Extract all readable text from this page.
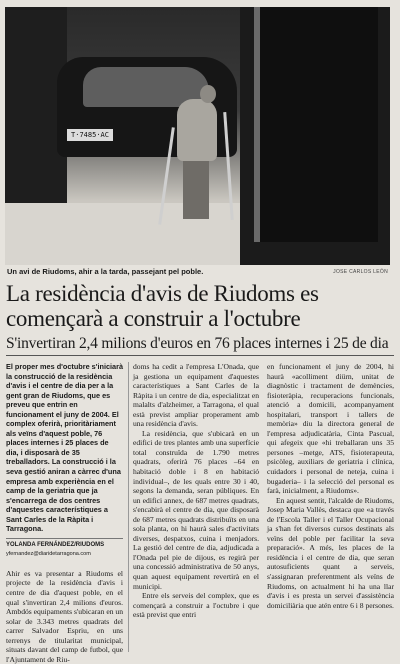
T·7485·AC
Un avi de Riudoms, ahir a la tarda, passejant pel poble.	JOSE CARLOS LEÓN
La residència d'avis de Riudoms es començarà a construir a l'octubre
S'invertiran 2,4 milions d'euros en 76 places internes i 25 de dia

El proper mes d'octubre s'iniciarà la construcció de la residència d'avis i el centre de dia per a la gent gran de Riudoms, que es preveu que entrin en funcionament el juny de 2004. El complex oferirà, prioritàriament als veïns d'aquest poble, 76 places internes i 25 places de dia, i disposarà de 35 treballadors. La construcció i la seva gestió aniran a càrrec d'una empresa amb experiència en el camp de la geriatria que ja s'encarrega de dos centres d'aquestes característiques a Sant Carles de la Ràpita i Tarragona.

YOLANDA FERNÁNDEZ/RIUDOMS
yfernandez@diaridetarragona.com

Ahir es va presentar a Riudoms el projecte de la residència d'avis i centre de dia d'aquest poble, en el qual s'invertiran 2,4 milions d'euros. Ambdós equipaments s'ubicaran en un solar de 3.343 metres quadrats del carrer Salvador Espriu, en uns terrenys de titularitat municipal, situats davant del camp de futbol, que l'Ajuntament de Riu-

doms ha cedit a l'empresa L'Onada, que ja gestiona un equipament d'aquestes característiques a Sant Carles de la Ràpita i un centre de dia, especialitzat en malalts d'alzheimer, a Tarragona, el qual està previst ampliar properament amb una residència d'avis.

La residència, que s'ubicarà en un edifici de tres plantes amb una superfície total construïda de 1.790 metres quadrats, oferirà 76 places –64 en habitació doble i 8 en habitació individual–, de les quals entre 30 i 40, segons la demanda, seran públiques. En un edifici annex, de 687 metres quadrats, s'encabirà el centre de dia, que disposarà de 687 metres quadrats distribuïts en una sola planta, on hi haurà sales d'activitats diverses, despatxos, cuina i menjadors. La gestió del centre de dia, adjudicada a l'Onada pel pie de dijous, es regirà per una concessió administrativa de 50 anys, quan aquest equipament revertirà en el municipi.

Entre els serveis del complex, que es començarà a construir a l'octubre i que està previst que entri

en funcionament el juny de 2004, hi haurà «acolliment diürn, unitat de diagnòstic i tractament de demències, fisioteràpia, recuperacions funcionals, atenció a domicili, acompanyament hospitalari, transport i tallers de memòria» diu la directora general de l'empresa adjudicatària, Cinta Pascual, qui afegeix que «hi treballaran uns 35 persones –metge, ATS, fisioterapeuta, psicòleg, auxiliars de geriatria i clínica, cuidadors i personal de neteja, cuina i bugaderia– i la selecció del personal es farà, inicialment, a Riudoms».

En aquest sentit, l'alcalde de Riudoms, Josep Maria Vallès, destaca que «a través de l'Escola Taller i el Taller Ocupacional ja s'han fet diversos cursos destinats als veïns del poble per facilitar la seva preparació». A més, les places de la residència i el centre de dia, que seran autosuficients quant a serveis, s'assignaran preferentment als veïns de Riudoms, on actualment hi ha una llar d'avis i es presta un servei d'assistència domiciliària que atén entre 6 i 8 persones.
